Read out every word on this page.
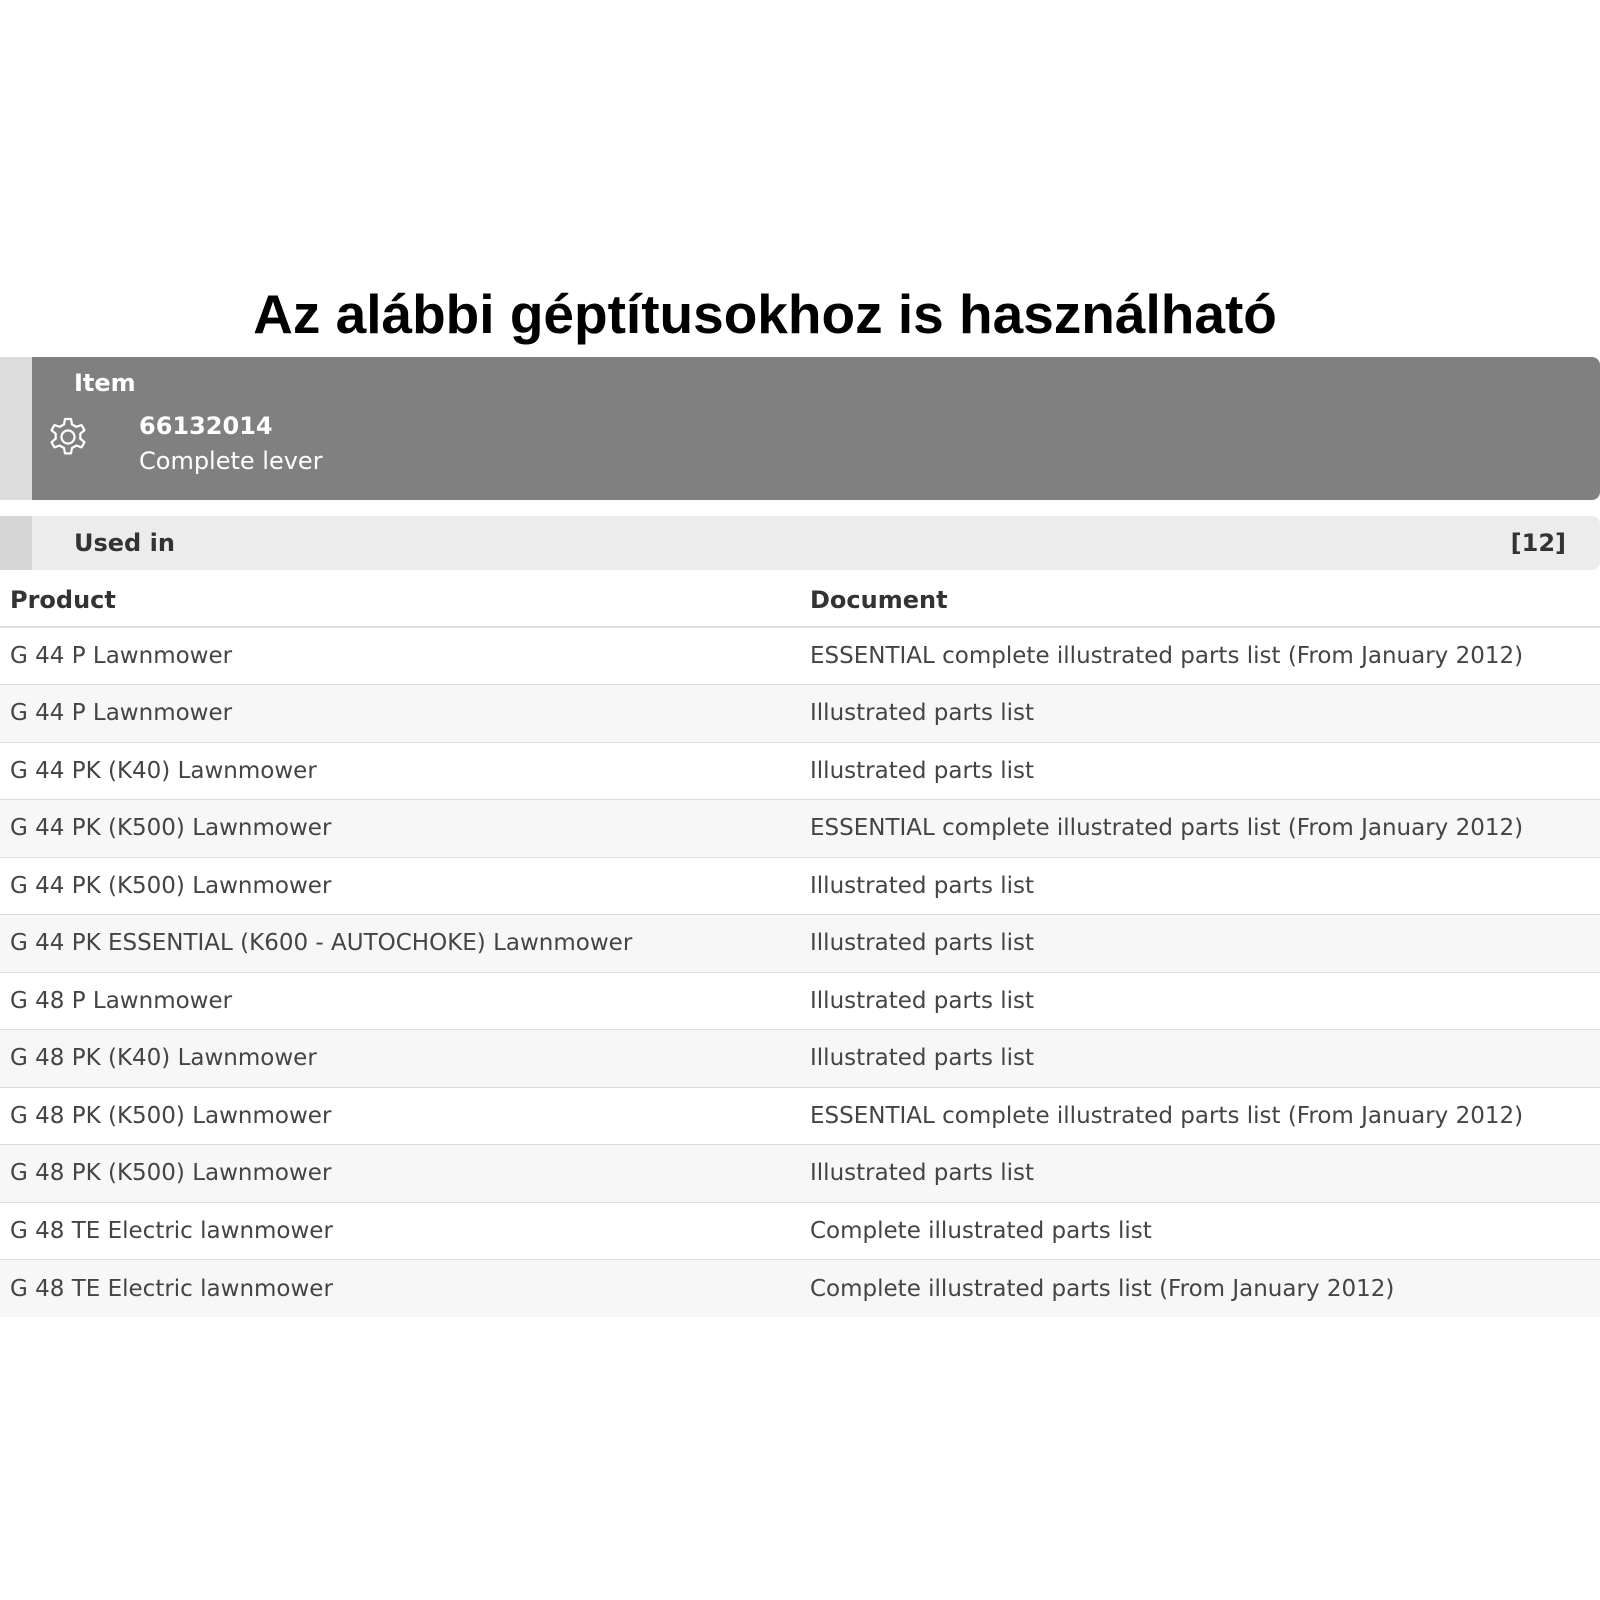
Az alábbi géptítusokhoz is használható
Item
66132014
Complete lever
Used in	[12]
Product	Document
G 44 P Lawnmower	ESSENTIAL complete illustrated parts list (From January 2012)
G 44 P Lawnmower	Illustrated parts list
G 44 PK (K40) Lawnmower	Illustrated parts list
G 44 PK (K500) Lawnmower	ESSENTIAL complete illustrated parts list (From January 2012)
G 44 PK (K500) Lawnmower	Illustrated parts list
G 44 PK ESSENTIAL (K600 - AUTOCHOKE) Lawnmower	Illustrated parts list
G 48 P Lawnmower	Illustrated parts list
G 48 PK (K40) Lawnmower	Illustrated parts list
G 48 PK (K500) Lawnmower	ESSENTIAL complete illustrated parts list (From January 2012)
G 48 PK (K500) Lawnmower	Illustrated parts list
G 48 TE Electric lawnmower	Complete illustrated parts list
G 48 TE Electric lawnmower	Complete illustrated parts list (From January 2012)
